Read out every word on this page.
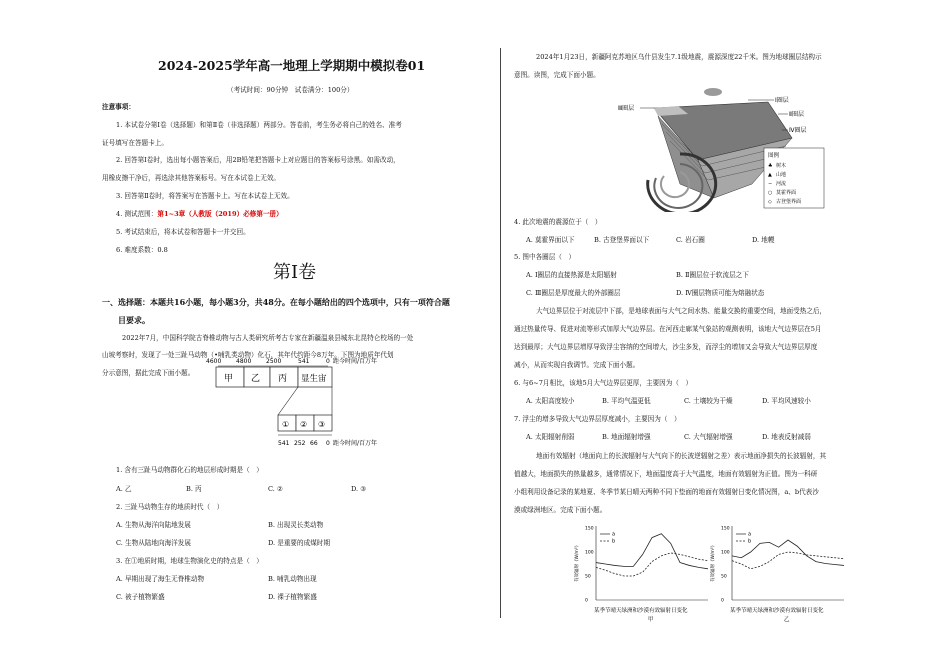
2024-2025学年高一地理上学期期中模拟卷01
（考试时间：90分钟　试卷满分：100分）
注意事项：
1. 本试卷分第Ⅰ卷（选择题）和第Ⅱ卷（非选择题）两部分。答卷前，考生务必将自己的姓名、准考
证号填写在答题卡上。
2. 回答第Ⅰ卷时，选出每小题答案后，用2B铅笔把答题卡上对应题目的答案标号涂黑。如需改动，
用橡皮擦干净后，再选涂其他答案标号。写在本试卷上无效。
3. 回答第Ⅱ卷时，将答案写在答题卡上。写在本试卷上无效。
4. 测试范围：第1~3章（人教版（2019）必修第一册）
5. 考试结束后，将本试卷和答题卡一并交回。
6. 难度系数：0.8
第Ⅰ卷
一、选择题：本题共16小题，每小题3分，共48分。在每小题给出的四个选项中，只有一项符合题
目要求。
2022年7月，中国科学院古脊椎动物与古人类研究所考古专家在新疆温泉县城东北昆特仑校场的一处
山坡考察时，发现了一处三趾马动物（•哺乳类动物）化石，其年代约距今8万年。下图为地质年代划
分示意图，据此完成下面小题。
4600 4800 2500	541	0 距今时间/百万年
甲 乙 丙 显生宙
① ② ③
541 252 66 0 距今时间/百万年
1. 含有三趾马动物群化石的地层形成时期是（　）
A. 乙	B. 丙	C. ②	D. ③
2. 三趾马动物生存的地质时代（　）
A. 生物从海洋向陆地发展	B. 出现灵长类动物
C. 生物从陆地向海洋发展	D. 是重要的成煤时期
3. 在①地质时期，地球生物演化史的特点是（　）
A. 早期出现了海生无脊椎动物	B. 哺乳动物出现
C. 被子植物繁盛	D. 裸子植物繁盛
2024年1月23日，新疆阿克苏地区乌什县发生7.1级地震，震源深度22千米。图为地球圈层结构示
意图。读图，完成下面小题。
Ⅲ圈层
Ⅰ圈层
Ⅱ圈层
Ⅳ圈层
图例
♣ 树木
▲ 山地
∽ 河流
○ 莫霍界面
◇ 古登堡界面
4. 此次地震的震源位于（　）
A. 莫霍界面以下	B. 古登堡界面以下	C. 岩石圈	D. 地幔
5. 图中各圈层（　）
A. Ⅰ圈层的直接热源是太阳辐射	B. Ⅱ圈层位于软流层之下
C. Ⅲ圈层是厚度最大的外部圈层	D. Ⅳ圈层物质可能为熔融状态
大气边界层位于对流层中下部，是地球表面与大气之间水热、能量交换的重要空间，地面受热之后，
通过热量传导、促进对流等形式加厚大气边界层。在河西走廊某气象站的观测表明，该地大气边界层在5月
达到最厚；大气边界层增厚导致浮尘容纳的空间增大，沙尘多发，而浮尘的增加又会导致大气边界层厚度
减小，从而实现自我调节。完成下面小题。
6. 与6~7月相比，该地5月大气边界层更厚，主要因为（　）
A. 太阳高度较小	B. 平均气温更低	C. 土壤较为干燥	D. 平均风速较小
7. 浮尘的增多导致大气边界层厚度减小，主要因为（　）
A. 太阳辐射削弱	B. 地面辐射增强	C. 大气辐射增强	D. 地表反射减弱
地面有效辐射（地面向上的长波辐射与大气向下的长波逆辐射之差）表示地面净损失的长波辐射，其
值越大，地面损失的热量越多，通常情况下，地面温度高于大气温度，地面有效辐射为正值。图为一科研
小组利用设备记录的某地夏、冬季节某日晴天两种不同下垫面的地面有效辐射日变化情况图，a、b代表沙
漠或绿洲地区。完成下面小题。
有效辐射（W/m²）
0
50
100
150
a
b
某季节晴天绿洲和沙漠有效辐射日变化
甲
有效辐射（W/m²）
0
50
100
150
a
b
某季节晴天绿洲和沙漠有效辐射日变化
乙
